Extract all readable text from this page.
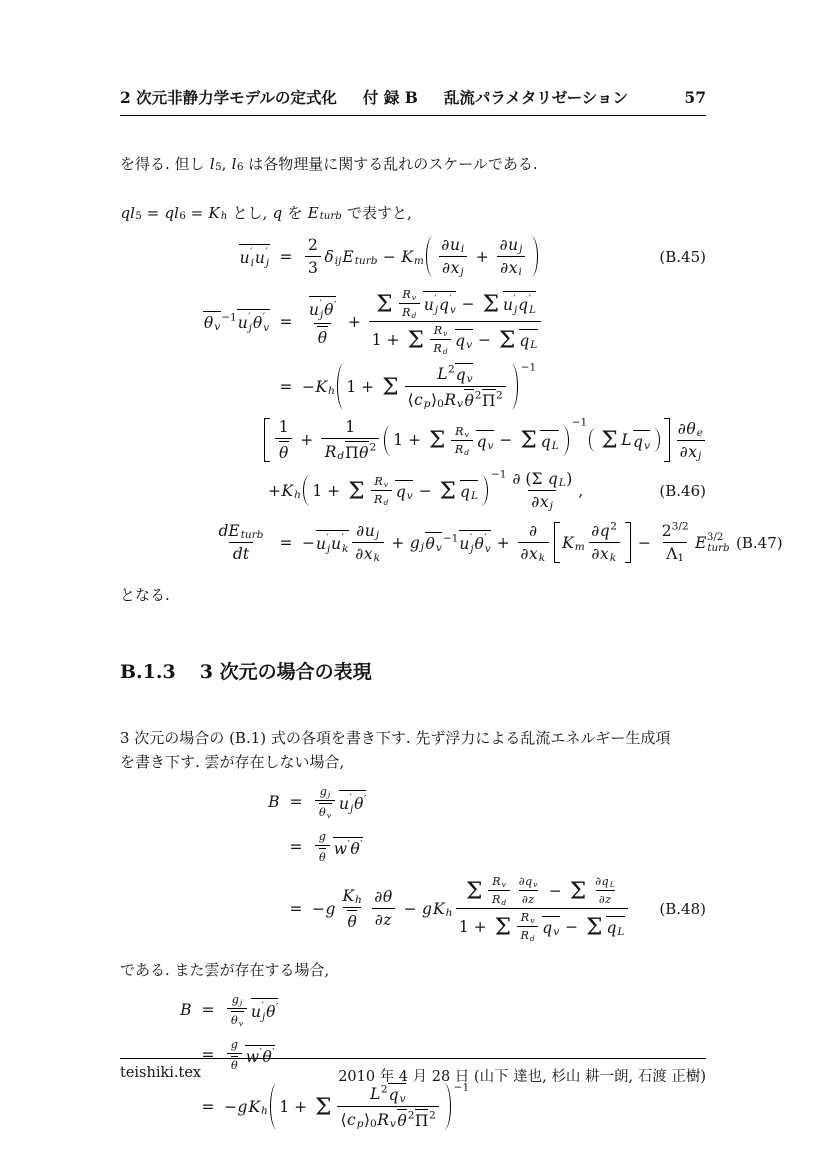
2 次元非静力学モデルの定式化 付 録 B 乱流パラメタリゼーション	57
を得る. 但し l 5 , l 6 は各物理量に関する乱れのスケールである.
ql 5 = ql 6 = K h とし, q を E turb で表すと,
u ′
i u ′
$j = \frac{2}{3}$ δ ij E turb − K m $\frac{\text{∂ u i}}{\text{∂ x j}} + \frac{\text{∂ u j}}{\text{∂ x i}}$	(B.45)
θ v
−1 u ′
j θ ′
v = u ′
j θ ′
θ + Σ $\frac{\text{R v}}{\text{R d}}$ u ′
j q ′
v − Σ u ′
j q ′
L
1 + Σ $\frac{\text{R v}}{\text{R d}}$ q v − Σ q L
= − K h 1 + Σ $\frac{\text{L 2 q v}}{\text{⟨ c p ⟩ 0 R v θ 2 Π 2}} -1$
$\frac{1}{\theta} + \frac{1}{\text{R d Π θ 2}} 1 + \Sigma \frac{\text{R v}}{\text{R d}}$ q v − Σ q L
−1
Σ L q v $\frac{\text{∂ θ e}}{\text{∂ x j}}$
+ K h 1 + Σ $\frac{\text{R v}}{\text{R d}}$ q v − Σ q L
$-1 \frac{\text{∂ (Σ q L )}}{\text{∂ x j}}$ ,	(B.46)
$\frac{\text{dE turb}}{dt}$ = − u ′
j u ′
k $\frac{\text{∂ u j}}{\text{∂ x k}} + g$ j θ v
−1 u ′
j θ ′
$v + \frac{\partial}{\text{∂ x k}}$ K m $\frac{\partial q 2}{\text{∂ x k}} - \frac{2 3/2}{\Lambda 1}$ E 3/2
turb (B.47)
となる.
B.1.3 3 次元の場合の表現
3 次元の場合の (B.1) 式の各項を書き下す. 先ず浮力による乱流エネルギー生成項
を書き下す. 雲が存在しない場合,
B =	$\frac{\text{g j}}{\text{θ v}}$ u ′
j θ ′
=	$\frac{g}{\theta}$ w ′ θ ′
= − g $\frac{\text{K h}}{\theta} \frac{\partial \theta}{\partial z} - g$ K h $\frac{\Sigma \frac{\text{R v}}{\text{R d}} \frac{\text{∂ q v}}{\partial z} - \Sigma \frac{\text{∂ q L}}{\partial z}}{1 + \Sigma \frac{\text{R v}}{\text{R d}} q v - \Sigma q L}$	(B.48)
である. また雲が存在する場合,
B =	$\frac{\text{g j}}{\text{θ v}}$ u ′
j θ ′
=	$\frac{g}{\theta}$ w ′ θ ′
= − g K h 1 + Σ $\frac{\text{L 2 q v}}{\text{⟨ c p ⟩ 0 R v θ 2 Π 2}} -1$
teishiki.tex	2010 年 4 月 28 日 (山下 達也, 杉山 耕一朗, 石渡 正樹)
